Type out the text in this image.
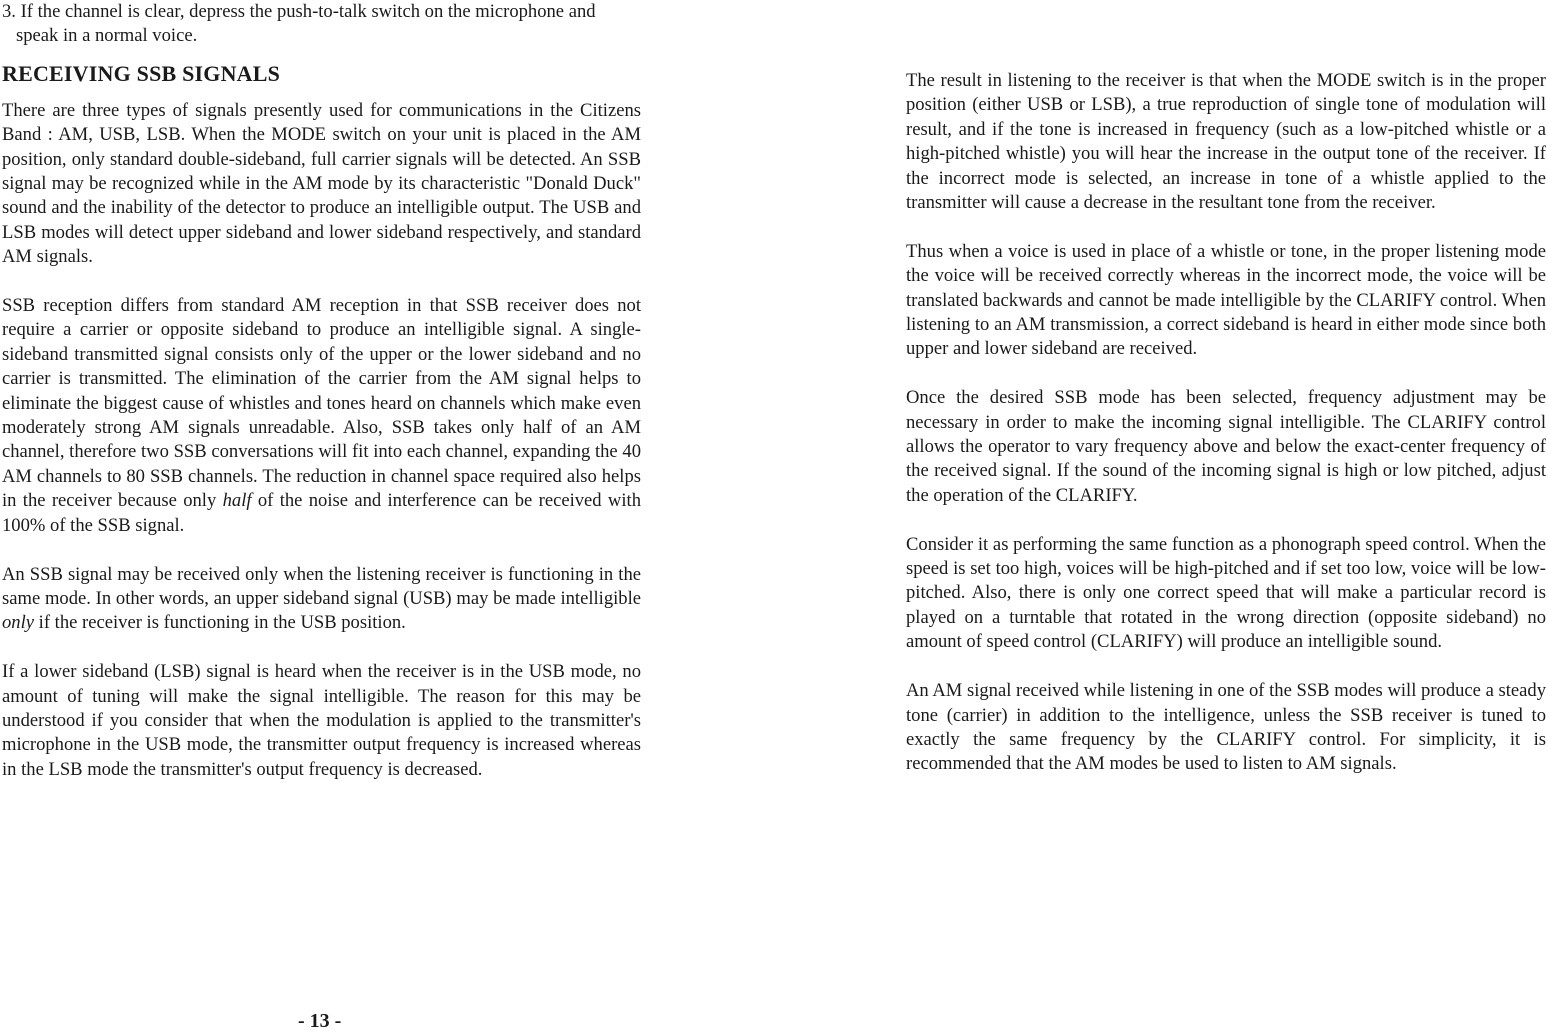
3. If the channel is clear, depress the push-to-talk switch on the microphone and speak in a normal voice.

RECEIVING SSB SIGNALS

There are three types of signals presently used for communications in the Citizens Band : AM, USB, LSB. When the MODE switch on your unit is placed in the AM position, only standard double-sideband, full carrier signals will be detected. An SSB signal may be recognized while in the AM mode by its characteristic "Donald Duck" sound and the inability of the detector to produce an intelligible output. The USB and LSB modes will detect upper sideband and lower sideband respectively, and standard AM signals.

SSB reception differs from standard AM reception in that SSB receiver does not require a carrier or opposite sideband to produce an intelligible signal. A single-sideband transmitted signal consists only of the upper or the lower sideband and no carrier is transmitted. The elimination of the carrier from the AM signal helps to eliminate the biggest cause of whistles and tones heard on channels which make even moderately strong AM signals unreadable. Also, SSB takes only half of an AM channel, therefore two SSB conversations will fit into each channel, expanding the 40 AM channels to 80 SSB channels. The reduction in channel space required also helps in the receiver because only half of the noise and interference can be received with 100% of the SSB signal.

An SSB signal may be received only when the listening receiver is functioning in the same mode. In other words, an upper sideband signal (USB) may be made intelligible only if the receiver is functioning in the USB position.

If a lower sideband (LSB) signal is heard when the receiver is in the USB mode, no amount of tuning will make the signal intelligible. The reason for this may be understood if you consider that when the modulation is applied to the transmitter's microphone in the USB mode, the transmitter output frequency is increased whereas in the LSB mode the transmitter's output frequency is decreased.

The result in listening to the receiver is that when the MODE switch is in the proper position (either USB or LSB), a true reproduction of single tone of modulation will result, and if the tone is increased in frequency (such as a low-pitched whistle or a high-pitched whistle) you will hear the increase in the output tone of the receiver. If the incorrect mode is selected, an increase in tone of a whistle applied to the transmitter will cause a decrease in the resultant tone from the receiver.

Thus when a voice is used in place of a whistle or tone, in the proper listening mode the voice will be received correctly whereas in the incorrect mode, the voice will be translated backwards and cannot be made intelligible by the CLARIFY control. When listening to an AM transmission, a correct sideband is heard in either mode since both upper and lower sideband are received.

Once the desired SSB mode has been selected, frequency adjustment may be necessary in order to make the incoming signal intelligible. The CLARIFY control allows the operator to vary frequency above and below the exact-center frequency of the received signal. If the sound of the incoming signal is high or low pitched, adjust the operation of the CLARIFY.

Consider it as performing the same function as a phonograph speed control. When the speed is set too high, voices will be high-pitched and if set too low, voice will be low-pitched. Also, there is only one correct speed that will make a particular record is played on a turntable that rotated in the wrong direction (opposite sideband) no amount of speed control (CLARIFY) will produce an intelligible sound.

An AM signal received while listening in one of the SSB modes will produce a steady tone (carrier) in addition to the intelligence, unless the SSB receiver is tuned to exactly the same frequency by the CLARIFY control. For simplicity, it is recommended that the AM modes be used to listen to AM signals.

- 13 -
